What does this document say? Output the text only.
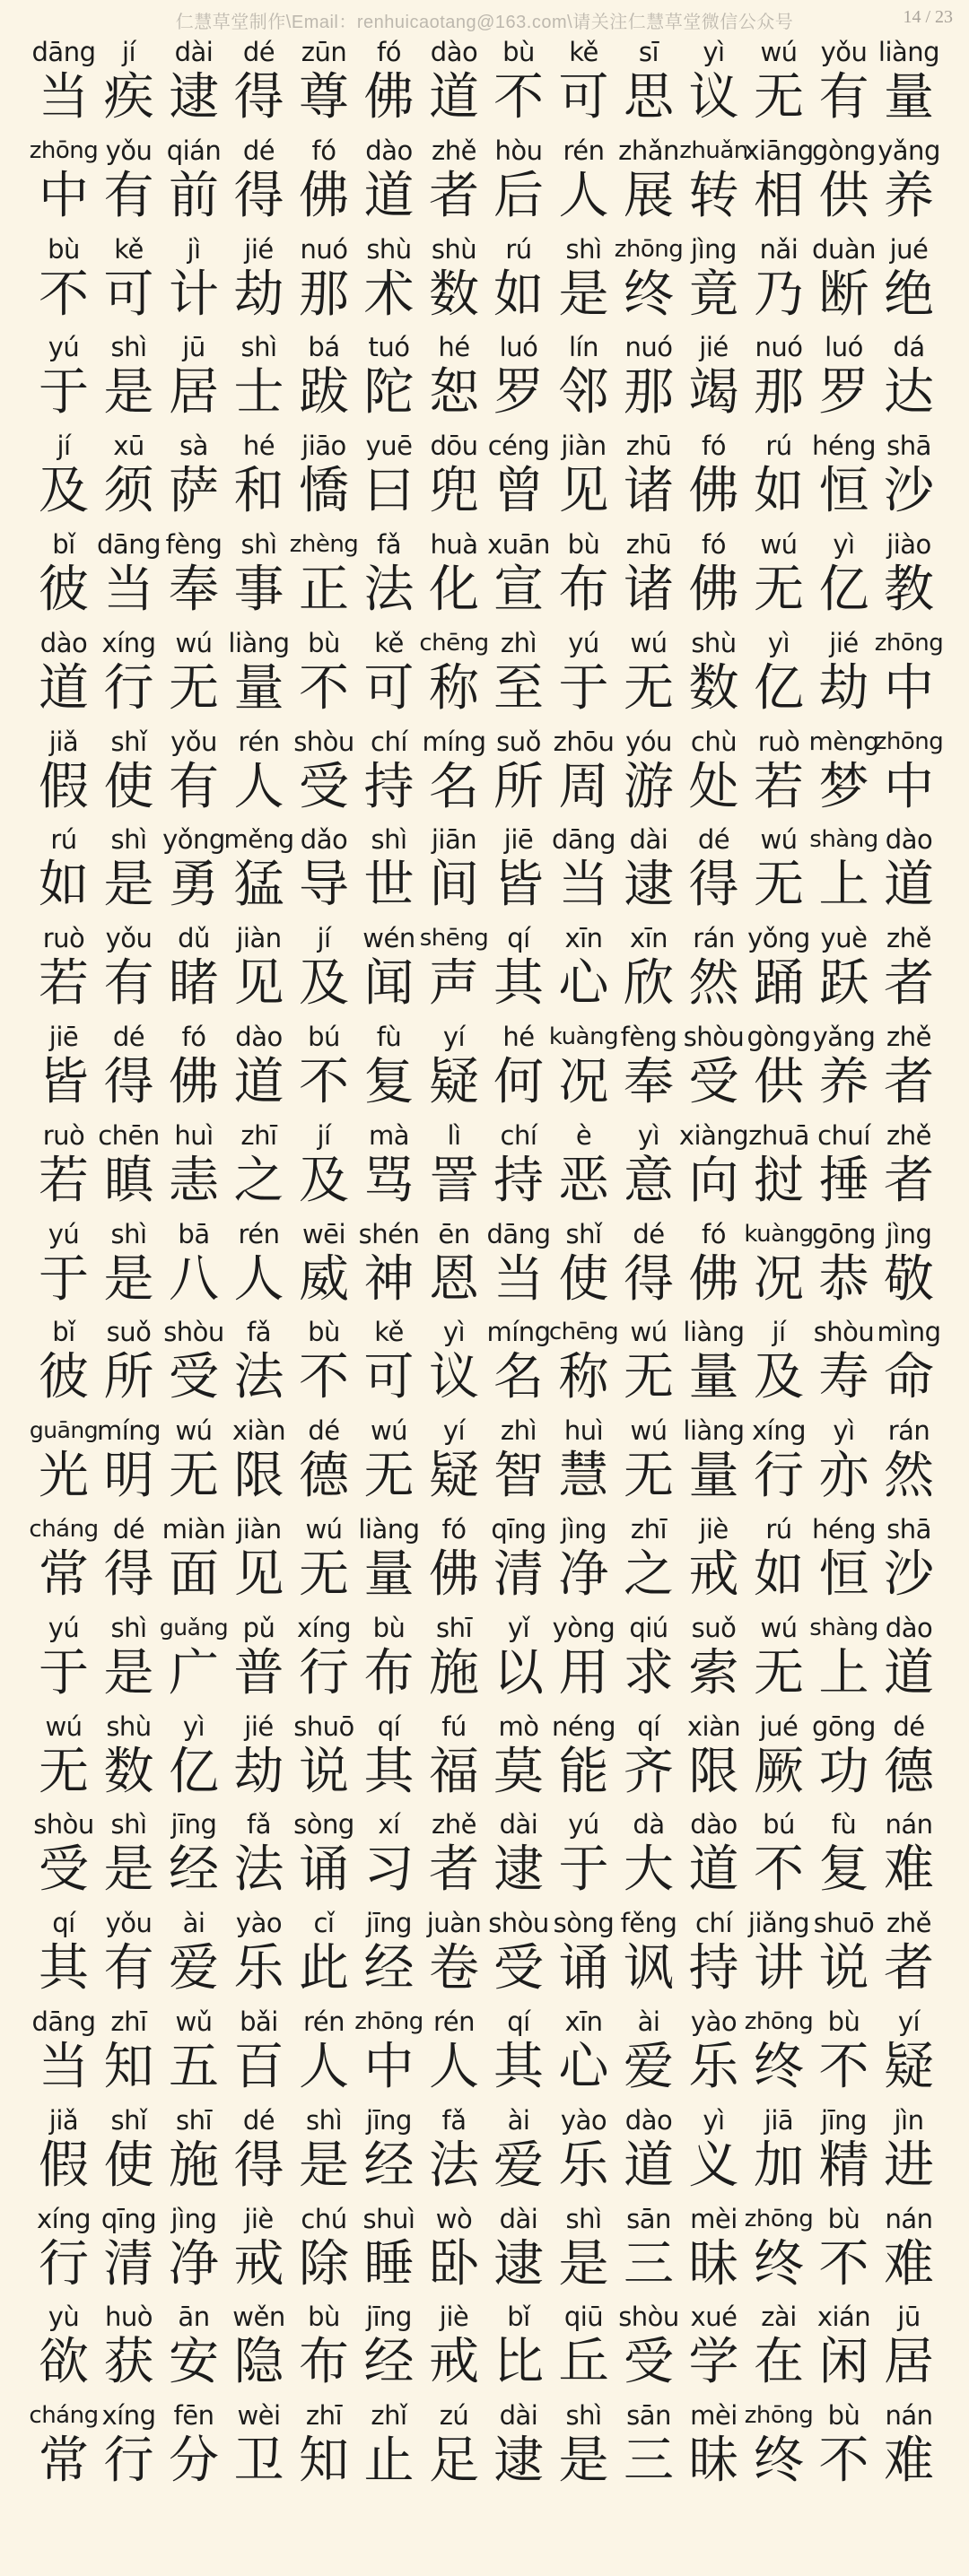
仁慧草堂制作\Email：renhuicaotang@163.com\请关注仁慧草堂微信公众号	14 / 23
dāng
当
jí
疾
dài
逮
dé
得
zūn
尊
fó
佛
dào
道
bù
不
kě
可
sī
思
yì
议
wú
无
yǒu
有
liàng
量
zhōng
中
yǒu
有
qián
前
dé
得
fó
佛
dào
道
zhě
者
hòu
后
rén
人
zhǎn
展
zhuǎn
转
xiāng
相
gòng
供
yǎng
养
bù
不
kě
可
jì
计
jié
劫
nuó
那
shù
术
shù
数
rú
如
shì
是
zhōng
终
jìng
竟
nǎi
乃
duàn
断
jué
绝
yú
于
shì
是
jū
居
shì
士
bá
跋
tuó
陀
hé
恕
luó
罗
lín
邻
nuó
那
jié
竭
nuó
那
luó
罗
dá
达
jí
及
xū
须
sà
萨
hé
和
jiāo
憍
yuē
曰
dōu
兜
céng
曾
jiàn
见
zhū
诸
fó
佛
rú
如
héng
恒
shā
沙
bǐ
彼
dāng
当
fèng
奉
shì
事
zhèng
正
fǎ
法
huà
化
xuān
宣
bù
布
zhū
诸
fó
佛
wú
无
yì
亿
jiào
教
dào
道
xíng
行
wú
无
liàng
量
bù
不
kě
可
chēng
称
zhì
至
yú
于
wú
无
shù
数
yì
亿
jié
劫
zhōng
中
jiǎ
假
shǐ
使
yǒu
有
rén
人
shòu
受
chí
持
míng
名
suǒ
所
zhōu
周
yóu
游
chù
处
ruò
若
mèng
梦
zhōng
中
rú
如
shì
是
yǒng
勇
měng
猛
dǎo
导
shì
世
jiān
间
jiē
皆
dāng
当
dài
逮
dé
得
wú
无
shàng
上
dào
道
ruò
若
yǒu
有
dǔ
睹
jiàn
见
jí
及
wén
闻
shēng
声
qí
其
xīn
心
xīn
欣
rán
然
yǒng
踊
yuè
跃
zhě
者
jiē
皆
dé
得
fó
佛
dào
道
bú
不
fù
复
yí
疑
hé
何
kuàng
况
fèng
奉
shòu
受
gòng
供
yǎng
养
zhě
者
ruò
若
chēn
瞋
huì
恚
zhī
之
jí
及
mà
骂
lì
詈
chí
持
è
恶
yì
意
xiàng
向
zhuā
挝
chuí
捶
zhě
者
yú
于
shì
是
bā
八
rén
人
wēi
威
shén
神
ēn
恩
dāng
当
shǐ
使
dé
得
fó
佛
kuàng
况
gōng
恭
jìng
敬
bǐ
彼
suǒ
所
shòu
受
fǎ
法
bù
不
kě
可
yì
议
míng
名
chēng
称
wú
无
liàng
量
jí
及
shòu
寿
mìng
命
guāng
光
míng
明
wú
无
xiàn
限
dé
德
wú
无
yí
疑
zhì
智
huì
慧
wú
无
liàng
量
xíng
行
yì
亦
rán
然
cháng
常
dé
得
miàn
面
jiàn
见
wú
无
liàng
量
fó
佛
qīng
清
jìng
净
zhī
之
jiè
戒
rú
如
héng
恒
shā
沙
yú
于
shì
是
guǎng
广
pǔ
普
xíng
行
bù
布
shī
施
yǐ
以
yòng
用
qiú
求
suǒ
索
wú
无
shàng
上
dào
道
wú
无
shù
数
yì
亿
jié
劫
shuō
说
qí
其
fú
福
mò
莫
néng
能
qí
齐
xiàn
限
jué
厥
gōng
功
dé
德
shòu
受
shì
是
jīng
经
fǎ
法
sòng
诵
xí
习
zhě
者
dài
逮
yú
于
dà
大
dào
道
bú
不
fù
复
nán
难
qí
其
yǒu
有
ài
爱
yào
乐
cǐ
此
jīng
经
juàn
卷
shòu
受
sòng
诵
fěng
讽
chí
持
jiǎng
讲
shuō
说
zhě
者
dāng
当
zhī
知
wǔ
五
bǎi
百
rén
人
zhōng
中
rén
人
qí
其
xīn
心
ài
爱
yào
乐
zhōng
终
bù
不
yí
疑
jiǎ
假
shǐ
使
shī
施
dé
得
shì
是
jīng
经
fǎ
法
ài
爱
yào
乐
dào
道
yì
义
jiā
加
jīng
精
jìn
进
xíng
行
qīng
清
jìng
净
jiè
戒
chú
除
shuì
睡
wò
卧
dài
逮
shì
是
sān
三
mèi
昧
zhōng
终
bù
不
nán
难
yù
欲
huò
获
ān
安
wěn
隐
bù
布
jīng
经
jiè
戒
bǐ
比
qiū
丘
shòu
受
xué
学
zài
在
xián
闲
jū
居
cháng
常
xíng
行
fēn
分
wèi
卫
zhī
知
zhǐ
止
zú
足
dài
逮
shì
是
sān
三
mèi
昧
zhōng
终
bù
不
nán
难
